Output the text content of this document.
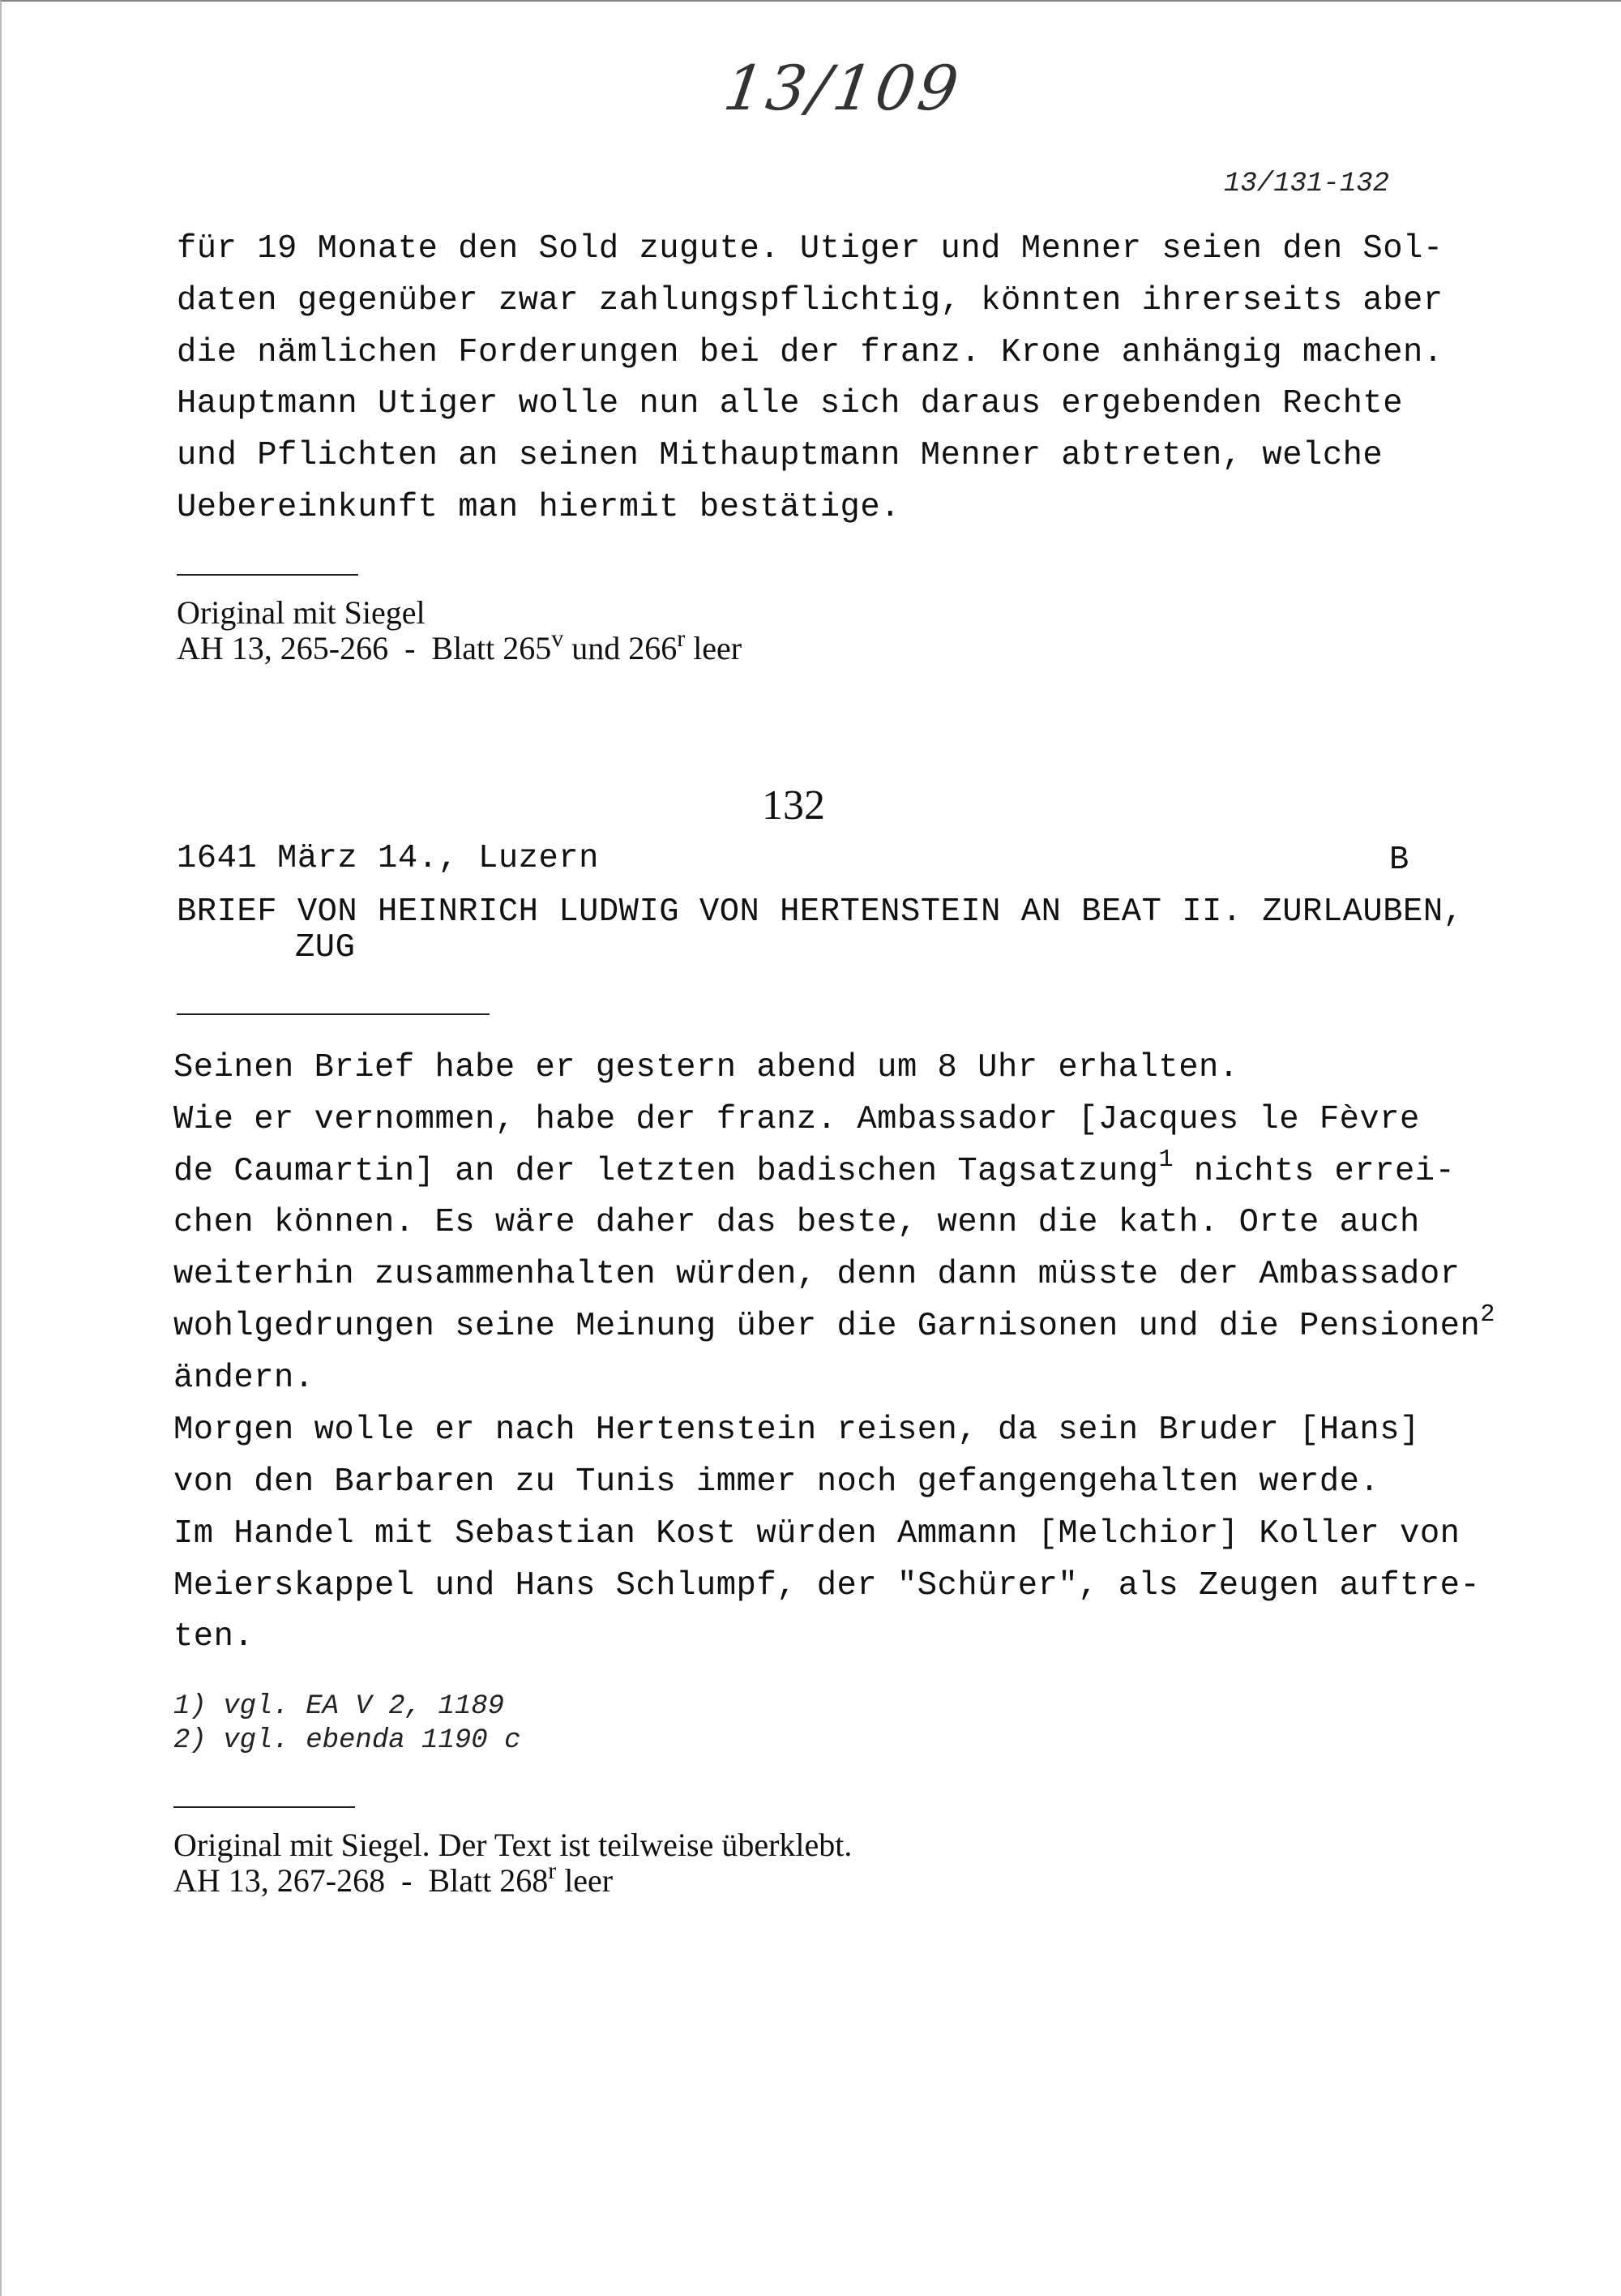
13/109
13/131-132
für 19 Monate den Sold zugute. Utiger und Menner seien den Sol-
daten gegenüber zwar zahlungspflichtig, könnten ihrerseits aber
die nämlichen Forderungen bei der franz. Krone anhängig machen.
Hauptmann Utiger wolle nun alle sich daraus ergebenden Rechte
und Pflichten an seinen Mithauptmann Menner abtreten, welche
Uebereinkunft man hiermit bestätige.
Original mit Siegel
AH 13, 265-266  -  Blatt 265$^v$ und 266$^r$ leer
132
1641 März 14., Luzern	B
BRIEF VON HEINRICH LUDWIG VON HERTENSTEIN AN BEAT II. ZURLAUBEN,
ZUG
Seinen Brief habe er gestern abend um 8 Uhr erhalten.
Wie er vernommen, habe der franz. Ambassador [Jacques le Fèvre
de Caumartin] an der letzten badischen Tagsatzung$^1$ nichts errei-
chen können. Es wäre daher das beste, wenn die kath. Orte auch
weiterhin zusammenhalten würden, denn dann müsste der Ambassador
wohlgedrungen seine Meinung über die Garnisonen und die Pensionen$^2$
ändern.
Morgen wolle er nach Hertenstein reisen, da sein Bruder [Hans]
von den Barbaren zu Tunis immer noch gefangengehalten werde.
Im Handel mit Sebastian Kost würden Ammann [Melchior] Koller von
Meierskappel und Hans Schlumpf, der "Schürer", als Zeugen auftre-
ten.
1) vgl. EA V 2, 1189
2) vgl. ebenda 1190 c
Original mit Siegel. Der Text ist teilweise überklebt.
AH 13, 267-268  -  Blatt 268$^r$ leer
